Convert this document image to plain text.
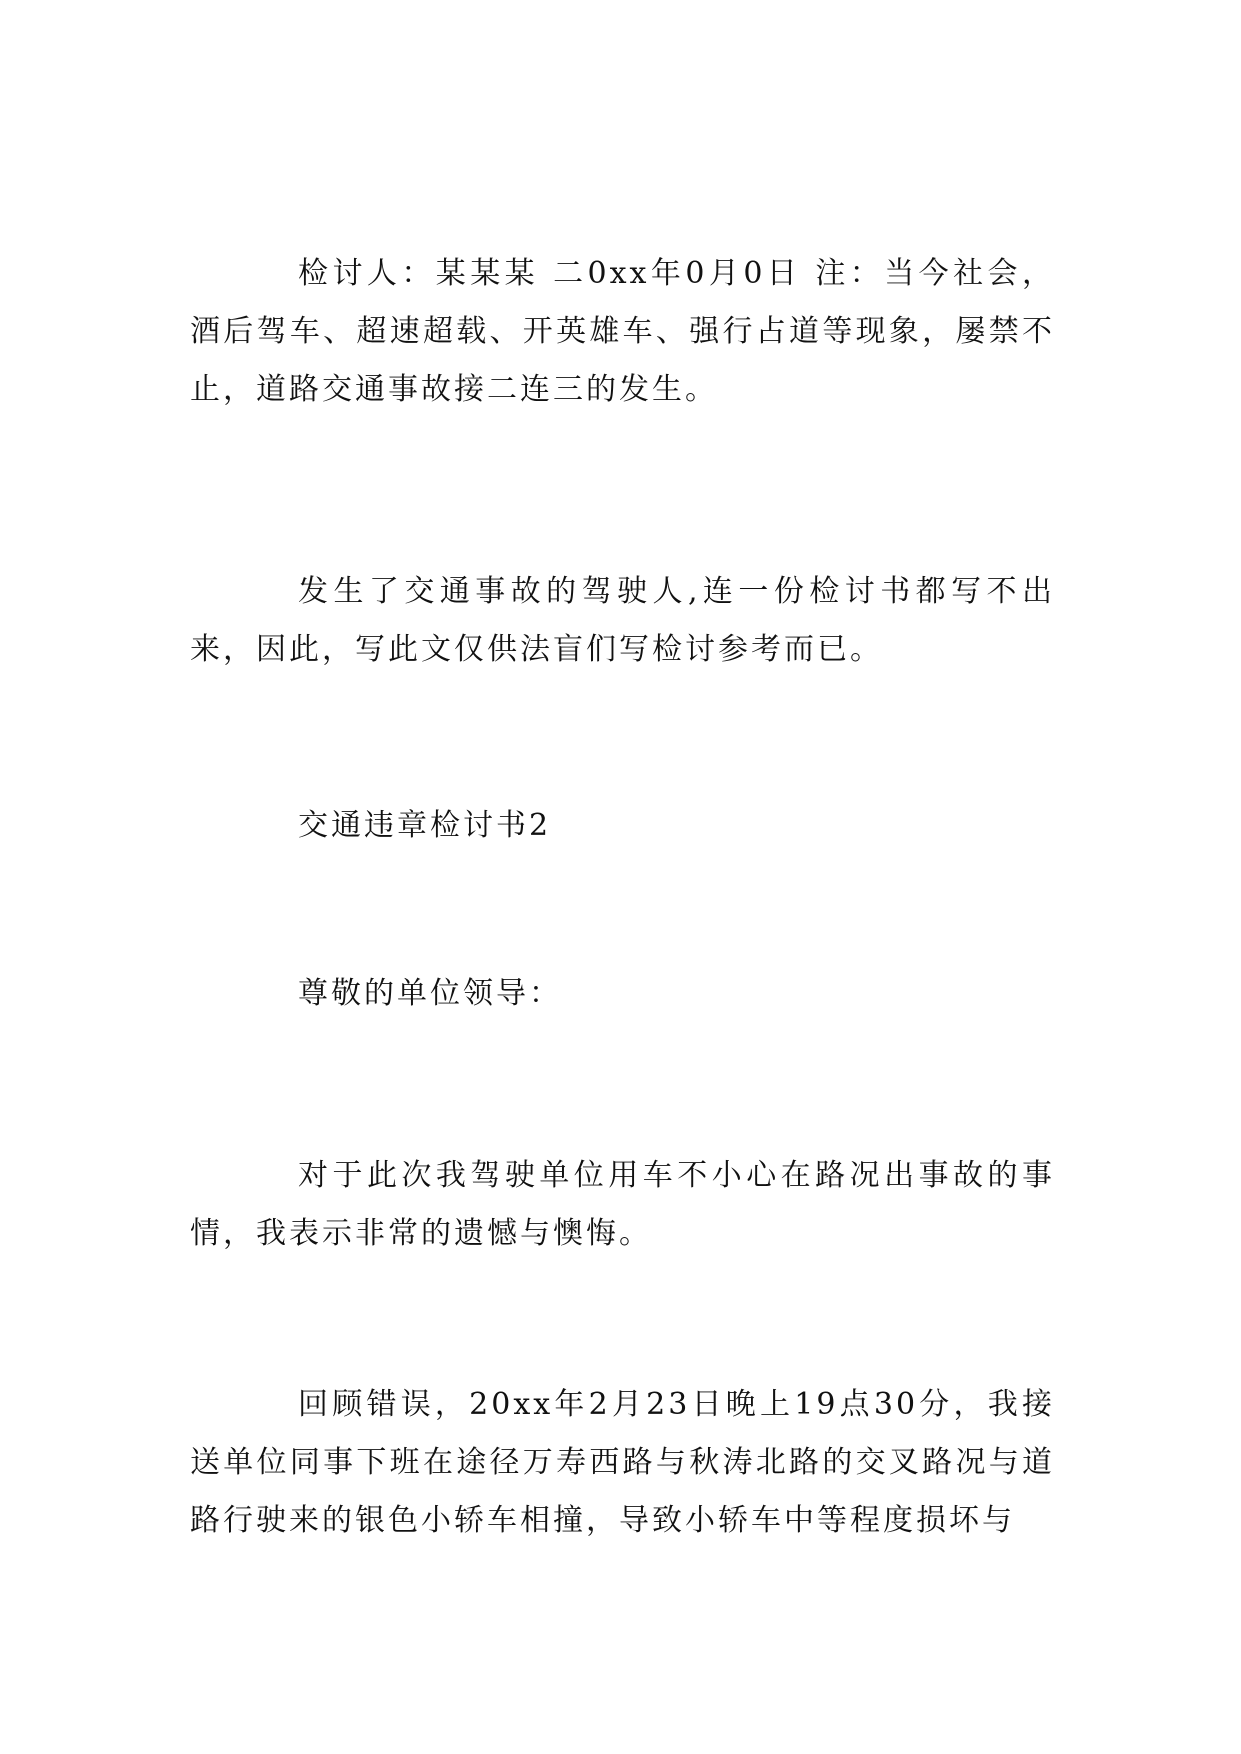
检讨人：某某某 二0xx年0月0日 注：当今社会，酒后驾车、超速超载、开英雄车、强行占道等现象，屡禁不止，道路交通事故接二连三的发生。

发生了交通事故的驾驶人,连一份检讨书都写不出来，因此，写此文仅供法盲们写检讨参考而已。

交通违章检讨书2

尊敬的单位领导：

对于此次我驾驶单位用车不小心在路况出事故的事情，我表示非常的遗憾与懊悔。

回顾错误，20xx年2月23日晚上19点30分，我接送单位同事下班在途径万寿西路与秋涛北路的交叉路况与道路行驶来的银色小轿车相撞，导致小轿车中等程度损坏与
